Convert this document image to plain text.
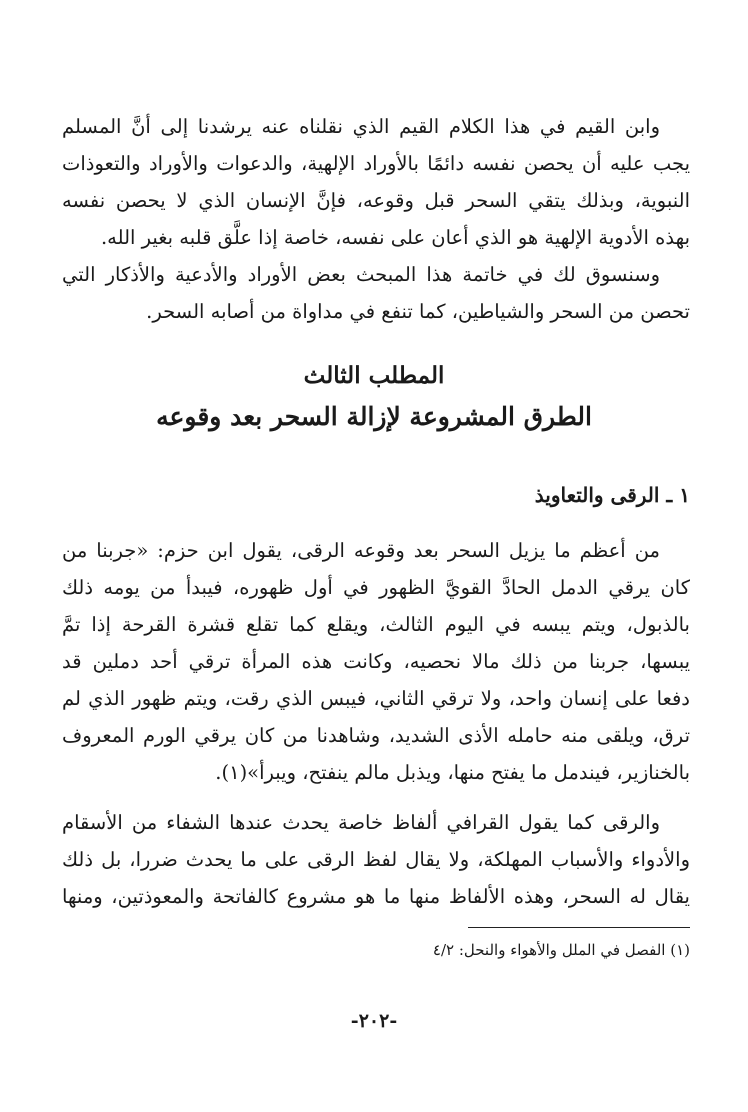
وابن القيم في هذا الكلام القيم الذي نقلناه عنه يرشدنا إلى أنَّ المسلم
يجب عليه أن يحصن نفسه دائمًا بالأوراد الإلهية، والدعوات والأوراد والتعوذات
النبوية، وبذلك يتقي السحر قبل وقوعه، فإنَّ الإنسان الذي لا يحصن نفسه
بهذه الأدوية الإلهية هو الذي أعان على نفسه، خاصة إذا علَّق قلبه بغير الله.
وسنسوق لك في خاتمة هذا المبحث بعض الأوراد والأدعية والأذكار التي
تحصن من السحر والشياطين، كما تنفع في مداواة من أصابه السحر.
المطلب الثالث
الطرق المشروعة لإزالة السحر بعد وقوعه
١ ـ الرقى والتعاويذ
من أعظم ما يزيل السحر بعد وقوعه الرقى، يقول ابن حزم: «جربنا من
كان يرقي الدمل الحادَّ القويَّ الظهور في أول ظهوره، فيبدأ من يومه ذلك
بالذبول، ويتم يبسه في اليوم الثالث، ويقلع كما تقلع قشرة القرحة إذا تمَّ
يبسها، جربنا من ذلك مالا نحصيه، وكانت هذه المرأة ترقي أحد دملين قد
دفعا على إنسان واحد، ولا ترقي الثاني، فيبس الذي رقت، ويتم ظهور الذي لم
ترق، ويلقى منه حامله الأذى الشديد، وشاهدنا من كان يرقي الورم المعروف
بالخنازير، فيندمل ما يفتح منها، ويذبل مالم ينفتح، ويبرأ»(١).
والرقى كما يقول القرافي ألفاظ خاصة يحدث عندها الشفاء من الأسقام
والأدواء والأسباب المهلكة، ولا يقال لفظ الرقى على ما يحدث ضررا، بل ذلك
يقال له السحر، وهذه الألفاظ منها ما هو مشروع كالفاتحة والمعوذتين، ومنها
(١) الفصل في الملل والأهواء والنحل: ٤/٢
-٢٠٢-
